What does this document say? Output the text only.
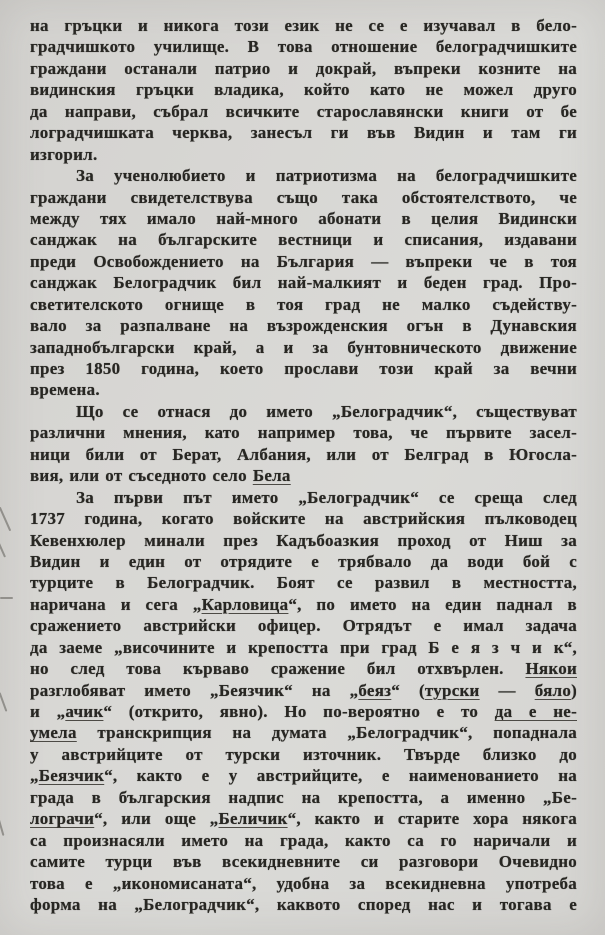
на гръцки и никога този език не се е изучавал в бело-
градчишкото училище. В това отношение белоградчишките
граждани останали патрио и докрай, въпреки козните на
видинския гръцки владика, който като не можел друго
да направи, събрал всичките старославянски книги от бе
лоградчишката черква, занесъл ги във Видин и там ги
изгорил.
За ученолюбието и патриотизма на белоградчишките
граждани свидетелствува също така обстоятелството, че
между тях имало най-много абонати в целия Видински
санджак на българските вестници и списания, издавани
преди Освобождението на България — въпреки че в тоя
санджак Белоградчик бил най-малкият и беден град. Про-
светителското огнище в тоя град не малко съдейству-
вало за разпалване на възрожденския огън в Дунавския
западнобългарски край, а и за бунтовническото движение
през 1850 година, което прослави този край за вечни
времена.
Що се отнася до името „Белоградчик“, съществуват
различни мнения, като например това, че първите засел-
ници били от Берат, Албания, или от Белград в Югосла-
вия, или от съседното село Бела
За първи път името „Белоградчик“ се среща след
1737 година, когато войските на австрийския пълководец
Кевенхюлер минали през Кадъбоазкия проход от Ниш за
Видин и един от отрядите е трябвало да води бой с
турците в Белоградчик. Боят се развил в местността,
наричана и сега „Карловица“, по името на един паднал в
сражението австрийски офицер. Отрядът е имал задача
да заеме „височините и крепостта при град Б е я з ч и к“,
но след това кърваво сражение бил отхвърлен. Някои
разглобяват името „Беязчик“ на „беяз“ (турски — бяло)
и „ачик“ (открито, явно). Но по-вероятно е то да е не-
умела транскрипция на думата „Белоградчик“, попаднала
у австрийците от турски източник. Твърде близко до
„Беязчик“, както е у австрийците, е наименованието на
града в българския надпис на крепостта, а именно „Бе-
лограчи“, или още „Беличик“, както и старите хора някога
са произнасяли името на града, както са го наричали и
самите турци във всекидневните си разговори Очевидно
това е „икономисаната“, удобна за всекидневна употреба
форма на „Белоградчик“, каквото според нас и тогава е
